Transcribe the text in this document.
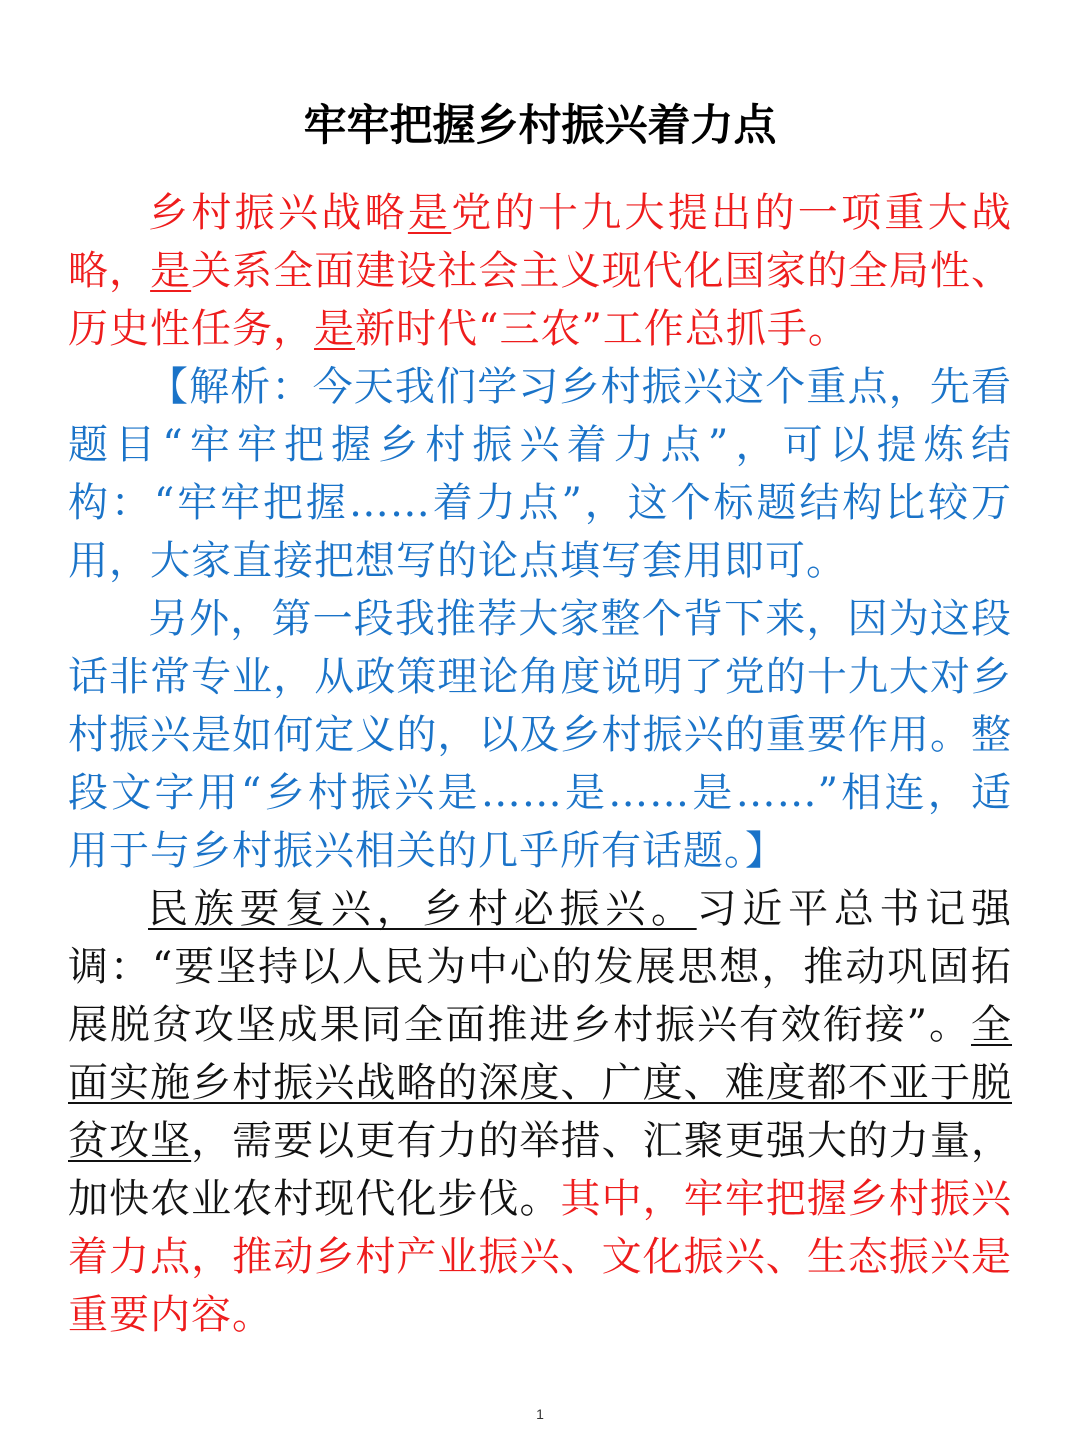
牢牢把握乡村振兴着力点

乡村振兴战略是党的十九大提出的一项重大战略，是关系全面建设社会主义现代化国家的全局性、历史性任务，是新时代“三农”工作总抓手。

【解析：今天我们学习乡村振兴这个重点，先看题目“牢牢把握乡村振兴着力点”，可以提炼结构：“牢牢把握……着力点”，这个标题结构比较万用，大家直接把想写的论点填写套用即可。

另外，第一段我推荐大家整个背下来，因为这段话非常专业，从政策理论角度说明了党的十九大对乡村振兴是如何定义的，以及乡村振兴的重要作用。整段文字用“乡村振兴是……是……是……”相连，适用于与乡村振兴相关的几乎所有话题。】

民族要复兴，乡村必振兴。习近平总书记强调：“要坚持以人民为中心的发展思想，推动巩固拓展脱贫攻坚成果同全面推进乡村振兴有效衔接”。全面实施乡村振兴战略的深度、广度、难度都不亚于脱贫攻坚，需要以更有力的举措、汇聚更强大的力量，加快农业农村现代化步伐。其中，牢牢把握乡村振兴着力点，推动乡村产业振兴、文化振兴、生态振兴是重要内容。

1
